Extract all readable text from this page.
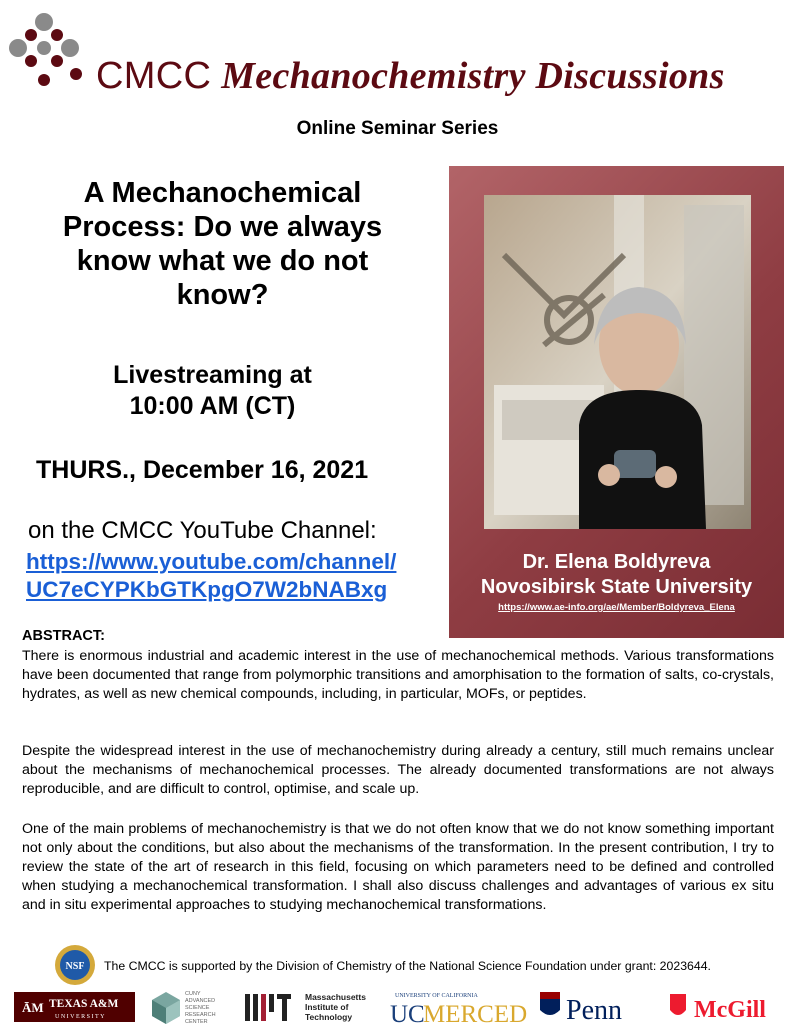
CMCC Mechanochemistry Discussions
Online Seminar Series
A Mechanochemical Process: Do we always know what we do not know?
Livestreaming at
10:00 AM (CT)
THURS., December 16, 2021
on the CMCC YouTube Channel:
https://www.youtube.com/channel/
UC7eCYPKbGTKpgO7W2bNABxg
Dr. Elena Boldyreva
Novosibirsk State University
https://www.ae-info.org/ae/Member/Boldyreva_Elena
ABSTRACT:
There is enormous industrial and academic interest in the use of mechanochemical methods. Various transformations have been documented that range from polymorphic transitions and amorphisation to the formation of salts, co-crystals, hydrates, as well as new chemical compounds, including, in particular, MOFs, or peptides.
Despite the widespread interest in the use of mechanochemistry during already a century, still much remains unclear about the mechanisms of mechanochemical processes. The already documented transformations are not always reproducible, and are difficult to control, optimise, and scale up.
One of the main problems of mechanochemistry is that we do not often know that we do not know something important not only about the conditions, but also about the mechanisms of the transformation. In the present contribution, I try to review the state of the art of research in this field, focusing on which parameters need to be defined and controlled when studying a mechanochemical transformation. I shall also discuss challenges and advantages of various ex situ and in situ experimental approaches to studying mechanochemical transformations.
NSF The CMCC is supported by the Division of Chemistry of the National Science Foundation under grant: 2023644.
ĀM TEXAS A&M
UNIVERSITY
CUNY
ADVANCED
SCIENCE
RESEARCH
CENTER
Massachusetts
Institute of
Technology
UNIVERSITY OF CALIFORNIA
UC
MERCED Penn	McGill
